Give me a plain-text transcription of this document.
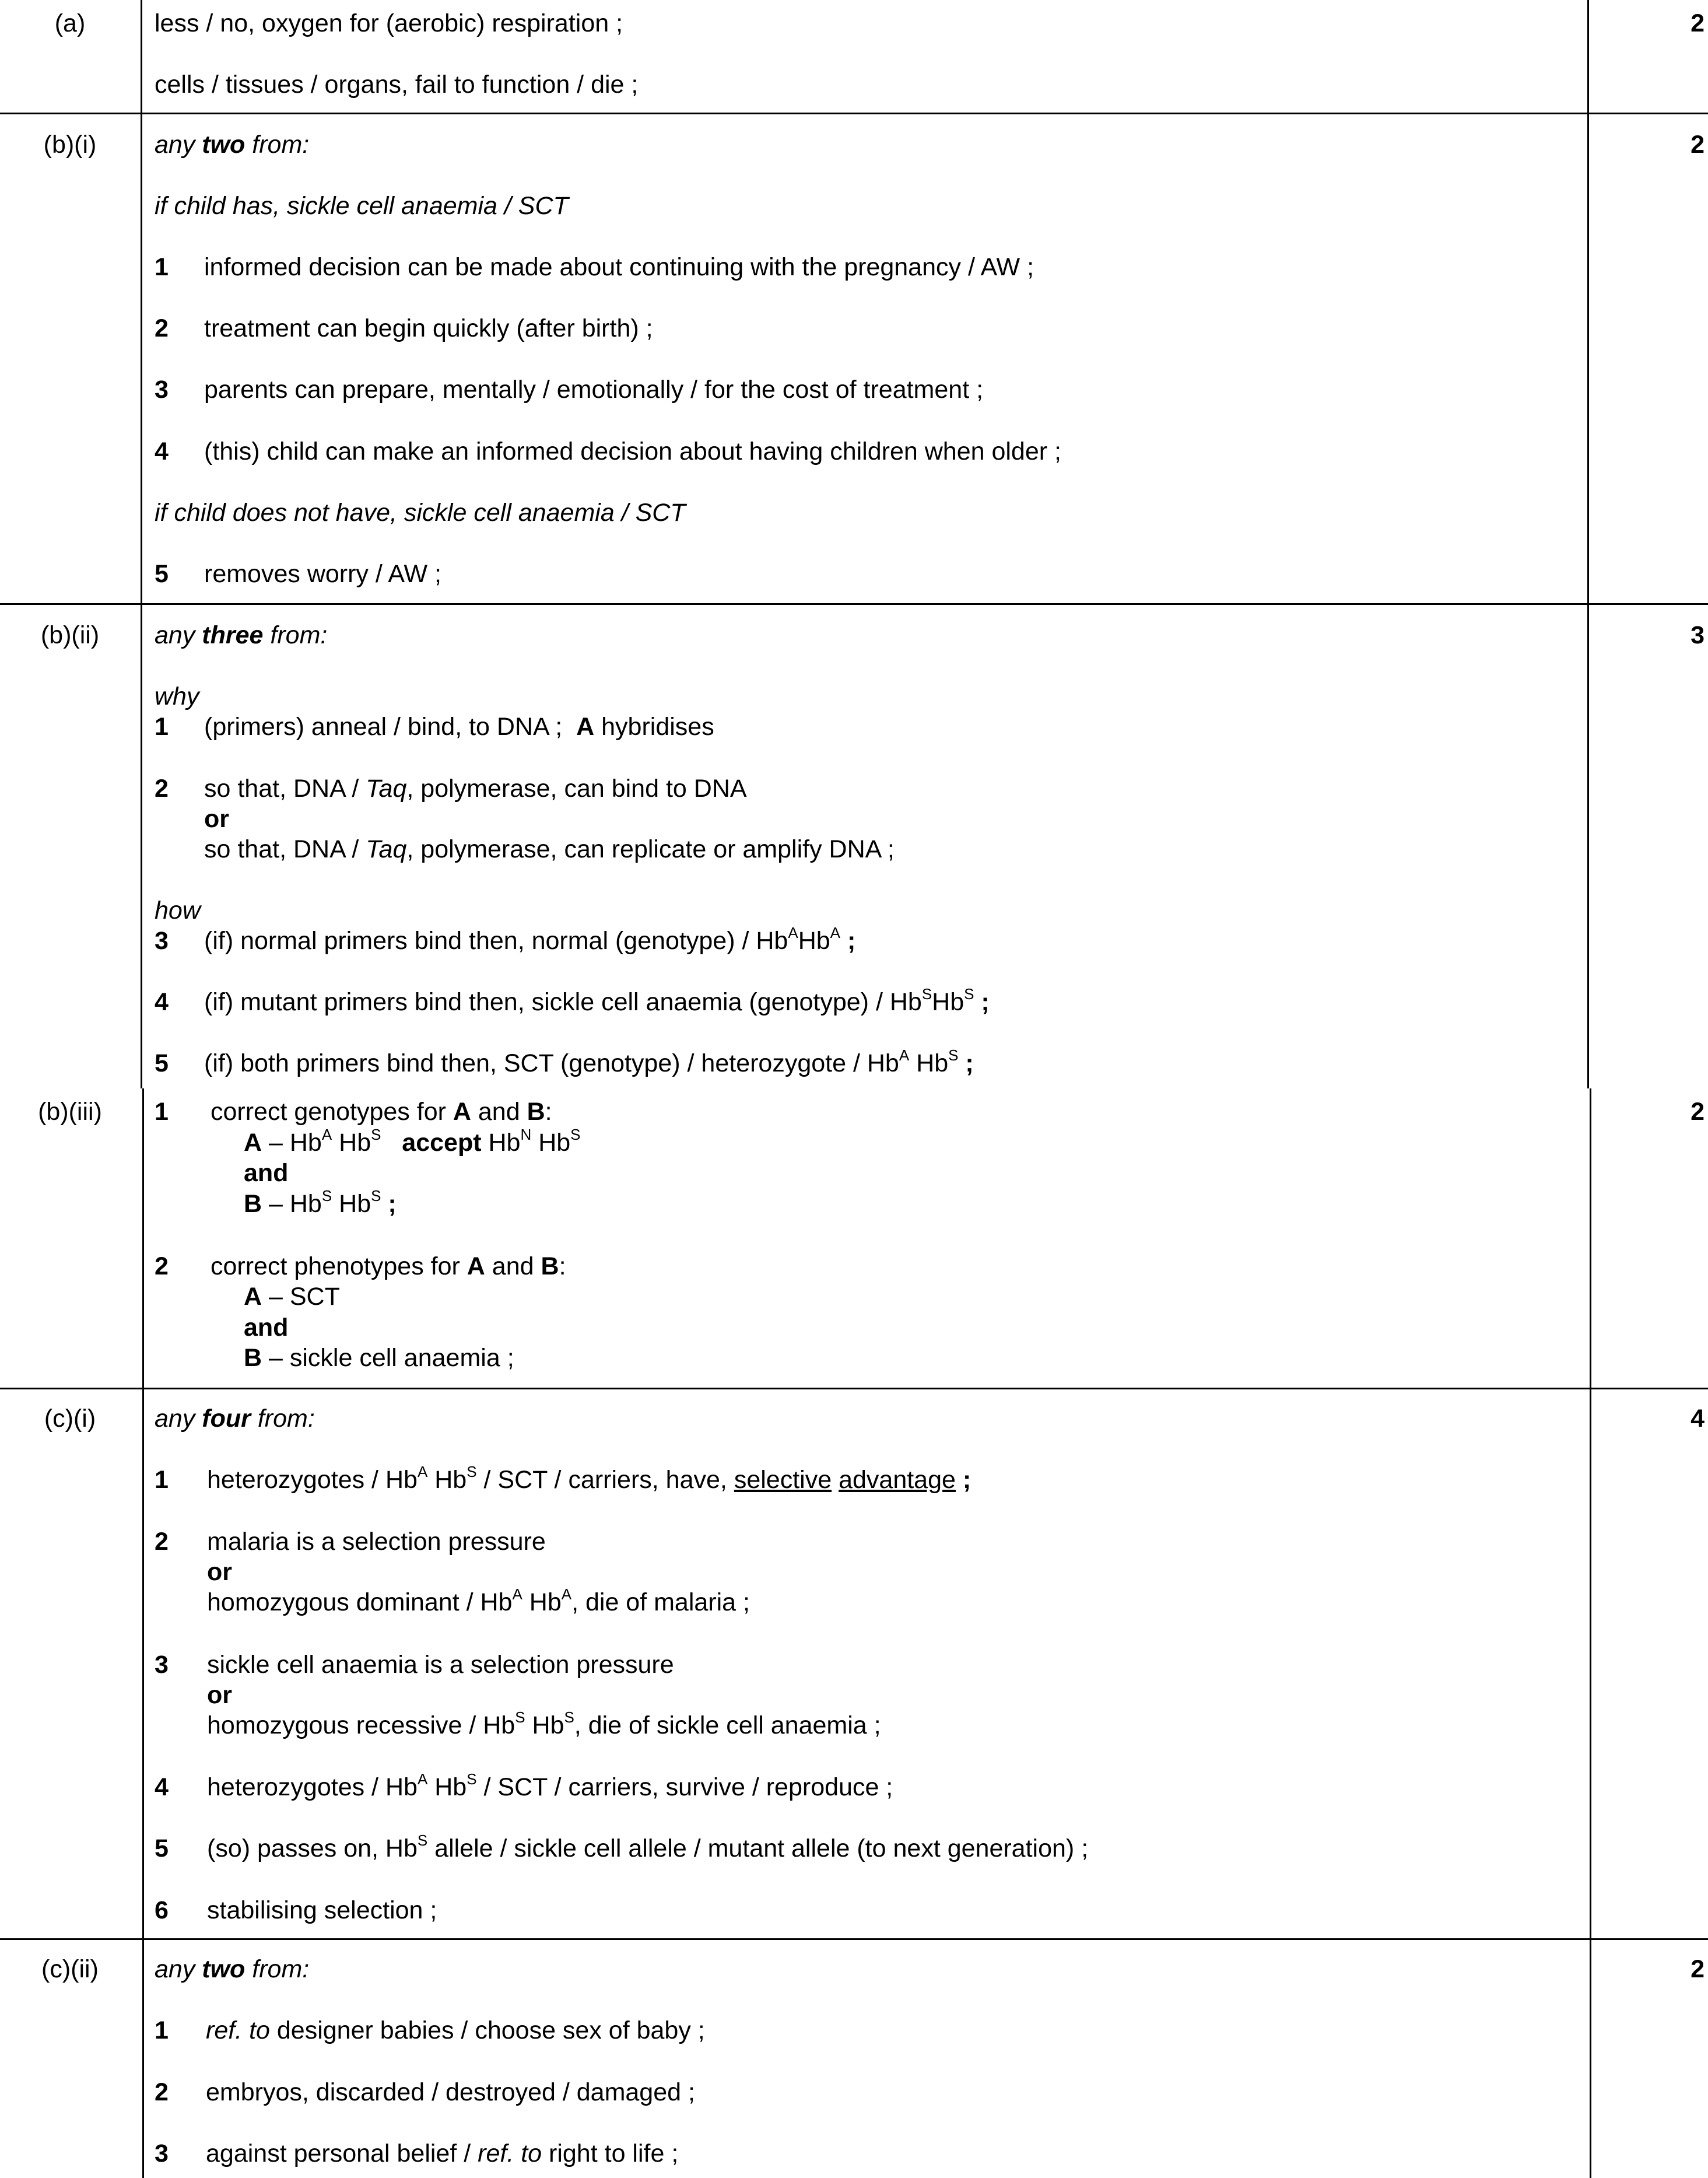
(a)	2
less / no, oxygen for (aerobic) respiration ;
cells / tissues / organs, fail to function / die ;
(b)(i)	2
any two from:
if child has, sickle cell anaemia / SCT
1 informed decision can be made about continuing with the pregnancy / AW ;
2 treatment can begin quickly (after birth) ;
3 parents can prepare, mentally / emotionally / for the cost of treatment ;
4 (this) child can make an informed decision about having children when older ;
if child does not have, sickle cell anaemia / SCT
5 removes worry / AW ;
(b)(ii)	3
any three from:
why
1 (primers) anneal / bind, to DNA ; A hybridises
2 so that, DNA / Taq, polymerase, can bind to DNA
or
so that, DNA / Taq, polymerase, can replicate or amplify DNA ;
how
3 (if) normal primers bind then, normal (genotype) / $Hb^AHb^A$ ;
4 (if) mutant primers bind then, sickle cell anaemia (genotype) / $Hb^SHb^S$ ;
5 (if) both primers bind then, SCT (genotype) / heterozygote / $Hb^A$ $Hb^S$ ;
(b)(iii)	2
1 correct genotypes for A and B:
A – $Hb^A$ $Hb^S$ accept $Hb^N$ $Hb^S$
and
B – $Hb^S$ $Hb^S$ ;
2 correct phenotypes for A and B:
A – SCT
and
B – sickle cell anaemia ;
(c)(i)	4
any four from:
1 heterozygotes / $Hb^A$ $Hb^S$ / SCT / carriers, have, selective advantage ;
2 malaria is a selection pressure
or
homozygous dominant / $Hb^A$ $Hb^A$, die of malaria ;
3 sickle cell anaemia is a selection pressure
or
homozygous recessive / $Hb^S$ $Hb^S$, die of sickle cell anaemia ;
4 heterozygotes / $Hb^A$ $Hb^S$ / SCT / carriers, survive / reproduce ;
5 (so) passes on, $Hb^S$ allele / sickle cell allele / mutant allele (to next generation) ;
6 stabilising selection ;
(c)(ii)	2
any two from:
1 ref. to designer babies / choose sex of baby ;
2 embryos, discarded / destroyed / damaged ;
3 against personal belief / ref. to right to life ;
